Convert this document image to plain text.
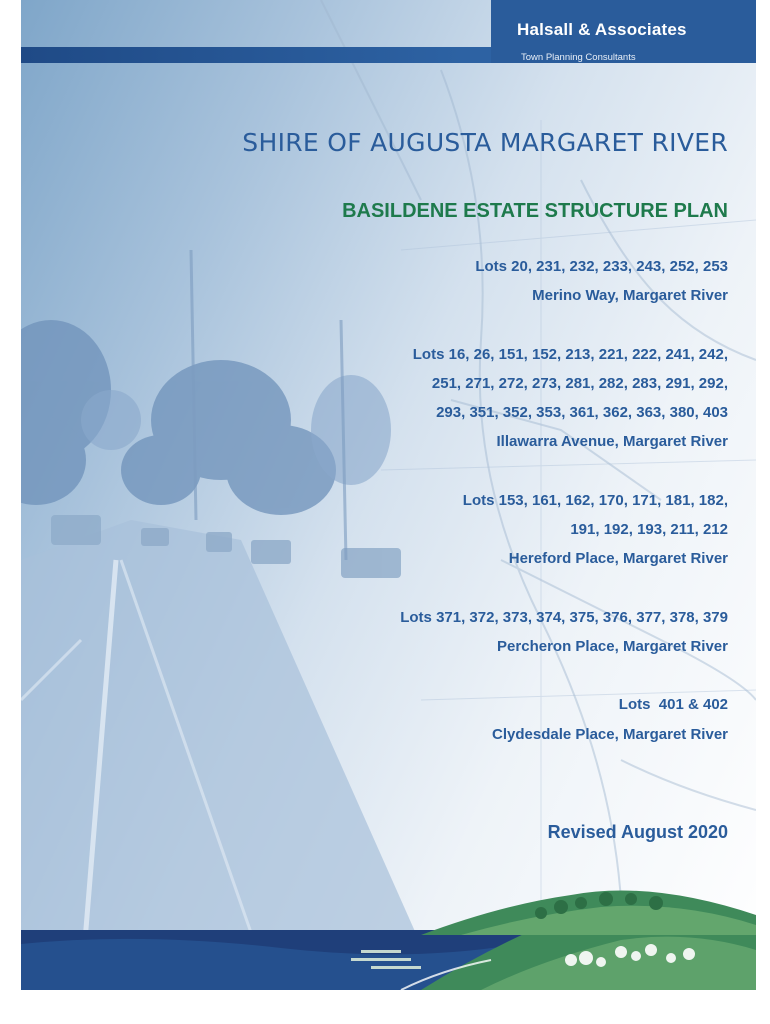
Halsall & Associates
Town Planning Consultants
SHIRE OF AUGUSTA MARGARET RIVER
BASILDENE ESTATE STRUCTURE PLAN

Lots 20, 231, 232, 233, 243, 252, 253

Merino Way, Margaret River

Lots 16, 26, 151, 152, 213, 221, 222, 241, 242,

251, 271, 272, 273, 281, 282, 283, 291, 292,

293, 351, 352, 353, 361, 362, 363, 380, 403

Illawarra Avenue, Margaret River

Lots 153, 161, 162, 170, 171, 181, 182,

191, 192, 193, 211, 212

Hereford Place, Margaret River

Lots 371, 372, 373, 374, 375, 376, 377, 378, 379

Percheron Place, Margaret River

Lots  401 & 402

Clydesdale Place, Margaret River

Revised August 2020
